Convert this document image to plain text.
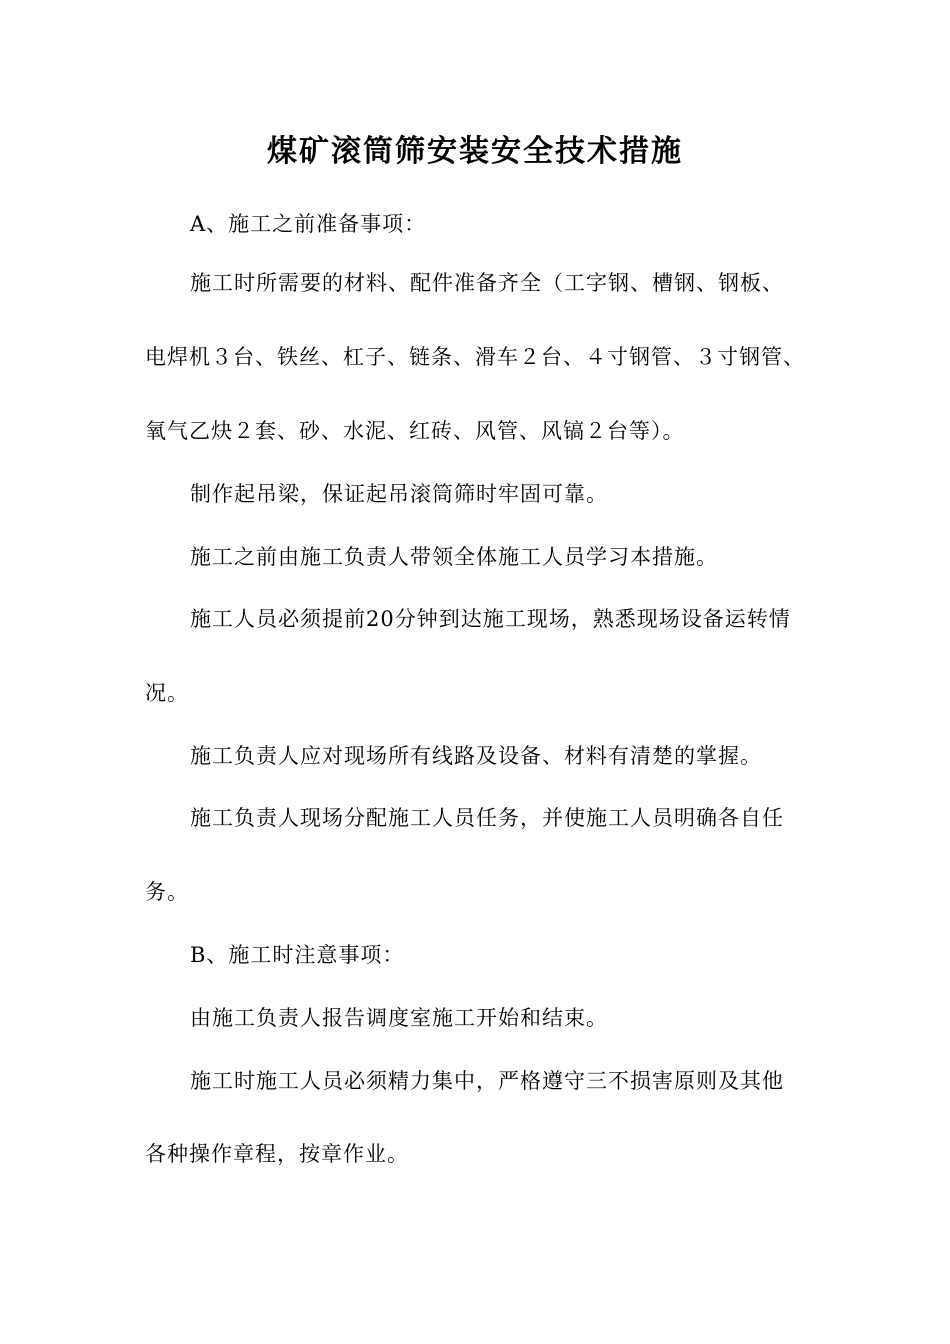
煤矿滚筒筛安装安全技术措施
A、施工之前准备事项：
施工时所需要的材料、配件准备齐全（工字钢、槽钢、钢板、
电焊机３台、铁丝、杠子、链条、滑车２台、４寸钢管、３寸钢管、
氧气乙炔２套、砂、水泥、红砖、风管、风镐２台等）。
制作起吊梁，保证起吊滚筒筛时牢固可靠。
施工之前由施工负责人带领全体施工人员学习本措施。
施工人员必须提前20分钟到达施工现场，熟悉现场设备运转情
况。
施工负责人应对现场所有线路及设备、材料有清楚的掌握。
施工负责人现场分配施工人员任务，并使施工人员明确各自任
务。
B、施工时注意事项：
由施工负责人报告调度室施工开始和结束。
施工时施工人员必须精力集中，严格遵守三不损害原则及其他
各种操作章程，按章作业。
